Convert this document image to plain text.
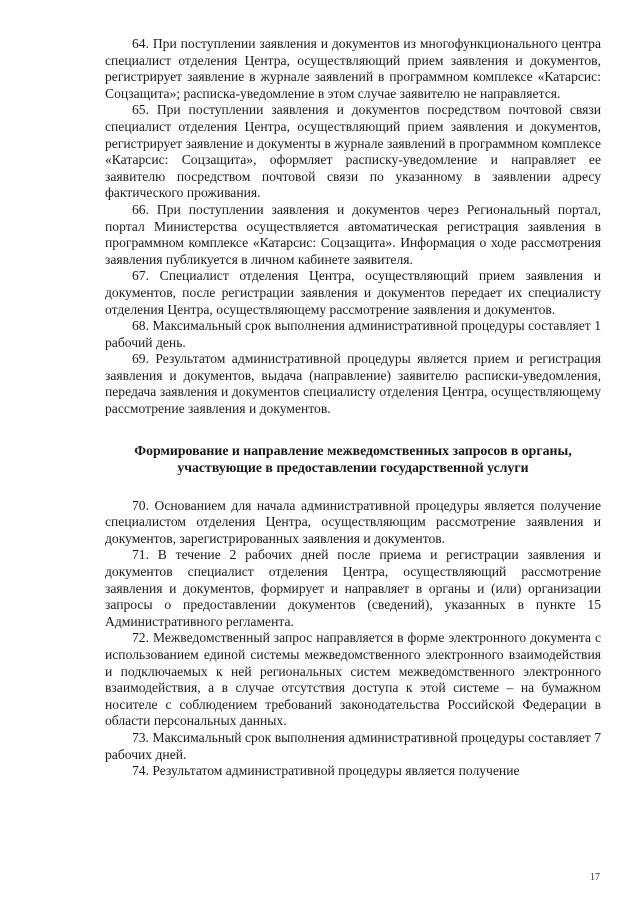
64. При поступлении заявления и документов из многофункционального центра специалист отделения Центра, осуществляющий прием заявления и документов, регистрирует заявление в журнале заявлений в программном комплексе «Катарсис: Соцзащита»; расписка-уведомление в этом случае заявителю не направляется.

65. При поступлении заявления и документов посредством почтовой связи специалист отделения Центра, осуществляющий прием заявления и документов, регистрирует заявление и документы в журнале заявлений в программном комплексе «Катарсис: Соцзащита», оформляет расписку-уведомление и направляет ее заявителю посредством почтовой связи по указанному в заявлении адресу фактического проживания.

66. При поступлении заявления и документов через Региональный портал, портал Министерства осуществляется автоматическая регистрация заявления в программном комплексе «Катарсис: Соцзащита». Информация о ходе рассмотрения заявления публикуется в личном кабинете заявителя.

67. Специалист отделения Центра, осуществляющий прием заявления и документов, после регистрации заявления и документов передает их специалисту отделения Центра, осуществляющему рассмотрение заявления и документов.

68. Максимальный срок выполнения административной процедуры составляет 1 рабочий день.

69. Результатом административной процедуры является прием и регистрация заявления и документов, выдача (направление) заявителю расписки-уведомления, передача заявления и документов специалисту отделения Центра, осуществляющему рассмотрение заявления и документов.

Формирование и направление межведомственных запросов в органы, участвующие в предоставлении государственной услуги

70. Основанием для начала административной процедуры является получение специалистом отделения Центра, осуществляющим рассмотрение заявления и документов, зарегистрированных заявления и документов.

71. В течение 2 рабочих дней после приема и регистрации заявления и документов специалист отделения Центра, осуществляющий рассмотрение заявления и документов, формирует и направляет в органы и (или) организации запросы о предоставлении документов (сведений), указанных в пункте 15 Административного регламента.

72. Межведомственный запрос направляется в форме электронного документа с использованием единой системы межведомственного электронного взаимодействия и подключаемых к ней региональных систем межведомственного электронного взаимодействия, а в случае отсутствия доступа к этой системе – на бумажном носителе с соблюдением требований законодательства Российской Федерации в области персональных данных.

73. Максимальный срок выполнения административной процедуры составляет 7 рабочих дней.

74. Результатом административной процедуры является получение

17
